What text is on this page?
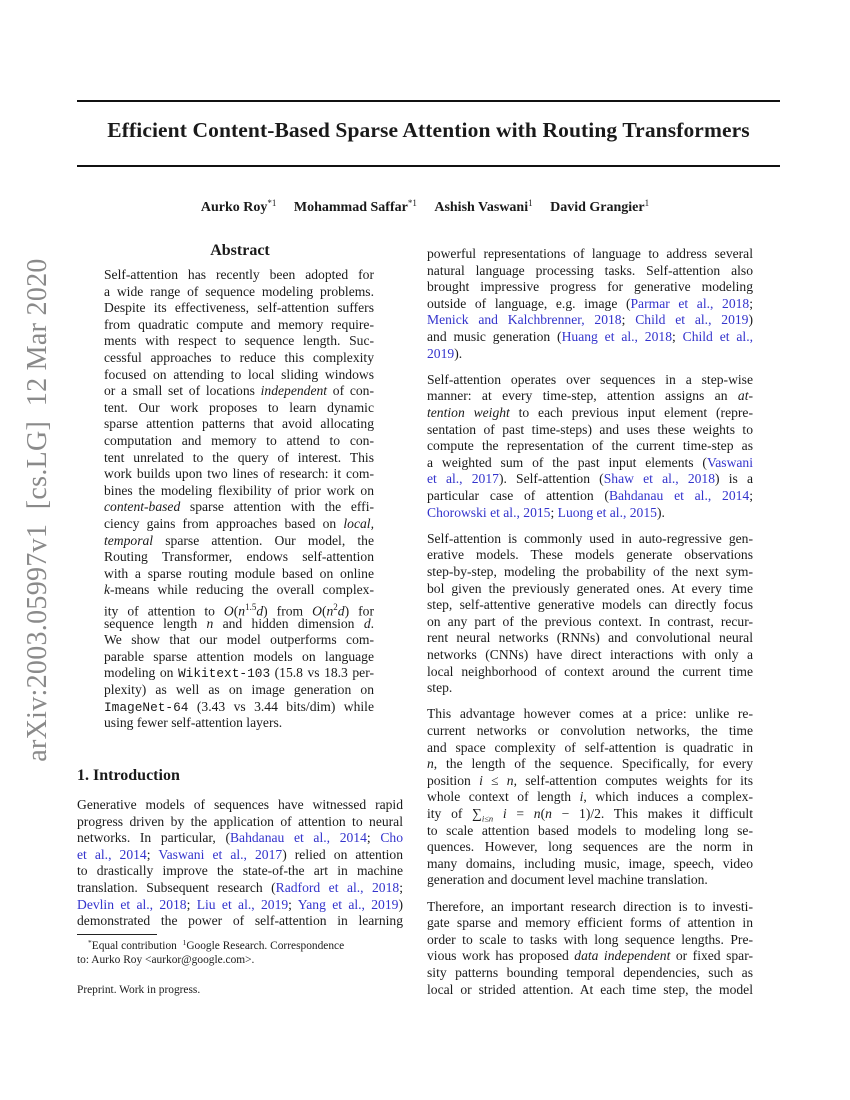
Efficient Content-Based Sparse Attention with Routing Transformers
Aurko Roy$^{*1}$ Mohammad Saffar$^{*1}$ Ashish Vaswani$^1$ David Grangier$^1$
arXiv:2003.05997v1  [cs.LG]  12 Mar 2020
Abstract
Self-attention has recently been adopted for
a wide range of sequence modeling problems.
Despite its effectiveness, self-attention suffers
from quadratic compute and memory require-
ments with respect to sequence length. Suc-
cessful approaches to reduce this complexity
focused on attending to local sliding windows
or a small set of locations independent of con-
tent. Our work proposes to learn dynamic
sparse attention patterns that avoid allocating
computation and memory to attend to con-
tent unrelated to the query of interest. This
work builds upon two lines of research: it com-
bines the modeling flexibility of prior work on
content-based sparse attention with the effi-
ciency gains from approaches based on local,
temporal sparse attention. Our model, the
Routing Transformer, endows self-attention
with a sparse routing module based on online
k-means while reducing the overall complex-
ity of attention to $O(n^{1.5}d)$ from $O(n^2d)$ for
sequence length n and hidden dimension d.
We show that our model outperforms com-
parable sparse attention models on language
modeling on Wikitext-103 (15.8 vs 18.3 per-
plexity) as well as on image generation on
ImageNet-64 (3.43 vs 3.44 bits/dim) while
using fewer self-attention layers.
1. Introduction
Generative models of sequences have witnessed rapid
progress driven by the application of attention to neural
networks. In particular, (Bahdanau et al., 2014; Cho
et al., 2014; Vaswani et al., 2017) relied on attention
to drastically improve the state-of-the art in machine
translation. Subsequent research (Radford et al., 2018;
Devlin et al., 2018; Liu et al., 2019; Yang et al., 2019)
demonstrated the power of self-attention in learning
powerful representations of language to address several
natural language processing tasks. Self-attention also
brought impressive progress for generative modeling
outside of language, e.g. image (Parmar et al., 2018;
Menick and Kalchbrenner, 2018; Child et al., 2019)
and music generation (Huang et al., 2018; Child et al.,
2019).
Self-attention operates over sequences in a step-wise
manner: at every time-step, attention assigns an at-
tention weight to each previous input element (repre-
sentation of past time-steps) and uses these weights to
compute the representation of the current time-step as
a weighted sum of the past input elements (Vaswani
et al., 2017). Self-attention (Shaw et al., 2018) is a
particular case of attention (Bahdanau et al., 2014;
Chorowski et al., 2015; Luong et al., 2015).
Self-attention is commonly used in auto-regressive gen-
erative models. These models generate observations
step-by-step, modeling the probability of the next sym-
bol given the previously generated ones. At every time
step, self-attentive generative models can directly focus
on any part of the previous context. In contrast, recur-
rent neural networks (RNNs) and convolutional neural
networks (CNNs) have direct interactions with only a
local neighborhood of context around the current time
step.
This advantage however comes at a price: unlike re-
current networks or convolution networks, the time
and space complexity of self-attention is quadratic in
n, the length of the sequence. Specifically, for every
position i ≤ n, self-attention computes weights for its
whole context of length i, which induces a complex-
ity of $\sum_{i\le n}$ i = n(n − 1)/2. This makes it difficult
to scale attention based models to modeling long se-
quences. However, long sequences are the norm in
many domains, including music, image, speech, video
generation and document level machine translation.
Therefore, an important research direction is to investi-
gate sparse and memory efficient forms of attention in
order to scale to tasks with long sequence lengths. Pre-
vious work has proposed data independent or fixed spar-
sity patterns bounding temporal dependencies, such as
local or strided attention. At each time step, the model
*Equal contribution $^1$Google Research. Correspondence
to: Aurko Roy <aurkor@google.com>.
Preprint. Work in progress.
